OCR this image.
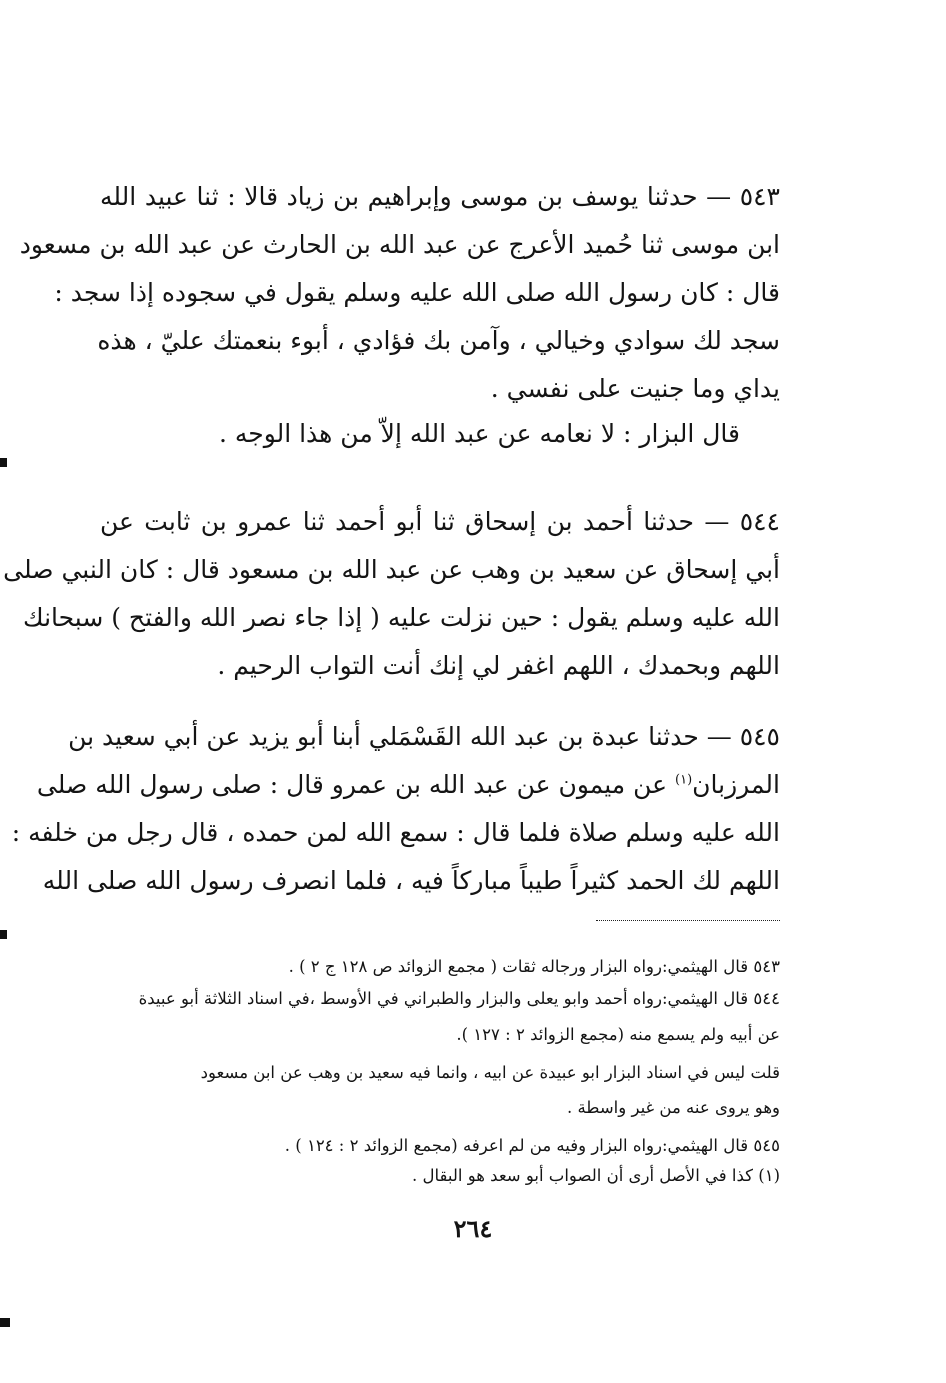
٥٤٣ — حدثنا يوسف بن موسى وإبراهيم بن زياد قالا : ثنا عبيد الله
ابن موسى ثنا حُميد الأعرج عن عبد الله بن الحارث عن عبد الله بن مسعود
قال : كان رسول الله صلى الله عليه وسلم يقول في سجوده إذا سجد :
سجد لك سوادي وخيالي ، وآمن بك فؤادي ، أبوء بنعمتك عليّ ، هذه
يداي وما جنيت على نفسي .
قال البزار : لا نعامه عن عبد الله إلاّ من هذا الوجه .
٥٤٤ — حدثنا أحمد بن إسحاق ثنا أبو أحمد ثنا عمرو بن ثابت عن
أبي إسحاق عن سعيد بن وهب عن عبد الله بن مسعود قال : كان النبي صلى
الله عليه وسلم يقول : حين نزلت عليه ( إذا جاء نصر الله والفتح ) سبحانك
اللهم وبحمدك ، اللهم اغفر لي إنك أنت التواب الرحيم .
٥٤٥ — حدثنا عبدة بن عبد الله القَسْمَلي أبنا أبو يزيد عن أبي سعيد بن
المرزبان$^{(١)}$ عن ميمون عن عبد الله بن عمرو قال : صلى رسول الله صلى
الله عليه وسلم صلاة فلما قال : سمع الله لمن حمده ، قال رجل من خلفه :
اللهم لك الحمد كثيراً طيباً مباركاً فيه ، فلما انصرف رسول الله صلى الله
٥٤٣ قال الهيثمي:رواه البزار ورجاله ثقات ( مجمع الزوائد ص ١٢٨ ج ٢ ) .
٥٤٤ قال الهيثمي:رواه أحمد وابو يعلى والبزار والطبراني في الأوسط ،في اسناد الثلاثة أبو عبيدة
عن أبيه ولم يسمع منه (مجمع الزوائد ٢ : ١٢٧ ).
قلت ليس في اسناد البزار ابو عبيدة عن ابيه ، وانما فيه سعيد بن وهب عن ابن مسعود
وهو يروى عنه من غير واسطة .
٥٤٥ قال الهيثمي:رواه البزار وفيه من لم اعرفه (مجمع الزوائد ٢ : ١٢٤ ) .
(١) كذا في الأصل أرى أن الصواب أبو سعد هو البقال .
٢٦٤
